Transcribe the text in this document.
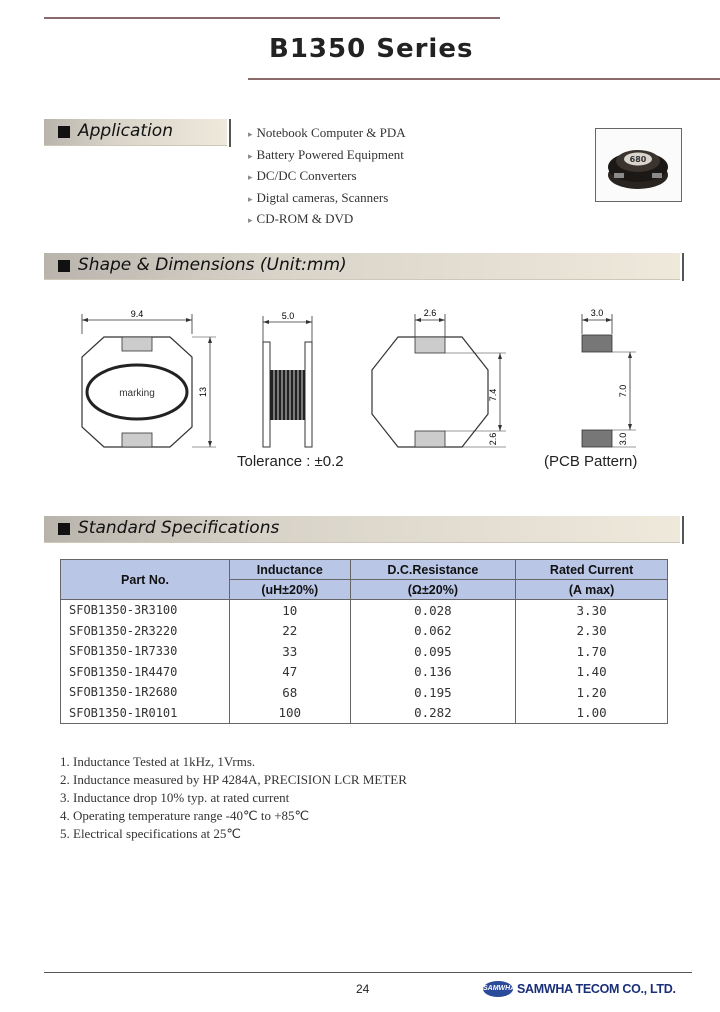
B1350 Series
Application	▸ Notebook Computer & PDA
▸ Battery Powered Equipment
▸ DC/DC Converters
▸ Digtal cameras, Scanners
▸ CD-ROM & DVD
680
Shape & Dimensions (Unit:mm)
9.4
marking	13
5.0	2.6
7.4
2.6
3.0
7.0
3.0
Tolerance : ±0.2	(PCB Pattern)
Standard Specifications
Part No.	Inductance	D.C.Resistance	Rated Current
	(uH±20%)	(Ω±20%)	(A max)
SFOB1350-3R3100	10	0.028	3.30
SFOB1350-2R3220	22	0.062	2.30
SFOB1350-1R7330	33	0.095	1.70
SFOB1350-1R4470	47	0.136	1.40
SFOB1350-1R2680	68	0.195	1.20
SFOB1350-1R0101	100	0.282	1.00
1. Inductance Tested at 1kHz, 1Vrms.
2. Inductance measured by HP 4284A, PRECISION LCR METER
3. Inductance drop 10% typ. at rated current
4. Operating temperature range -40℃ to +85℃
5. Electrical specifications at 25℃
24	SAMWHA SAMWHA TECOM CO., LTD.
